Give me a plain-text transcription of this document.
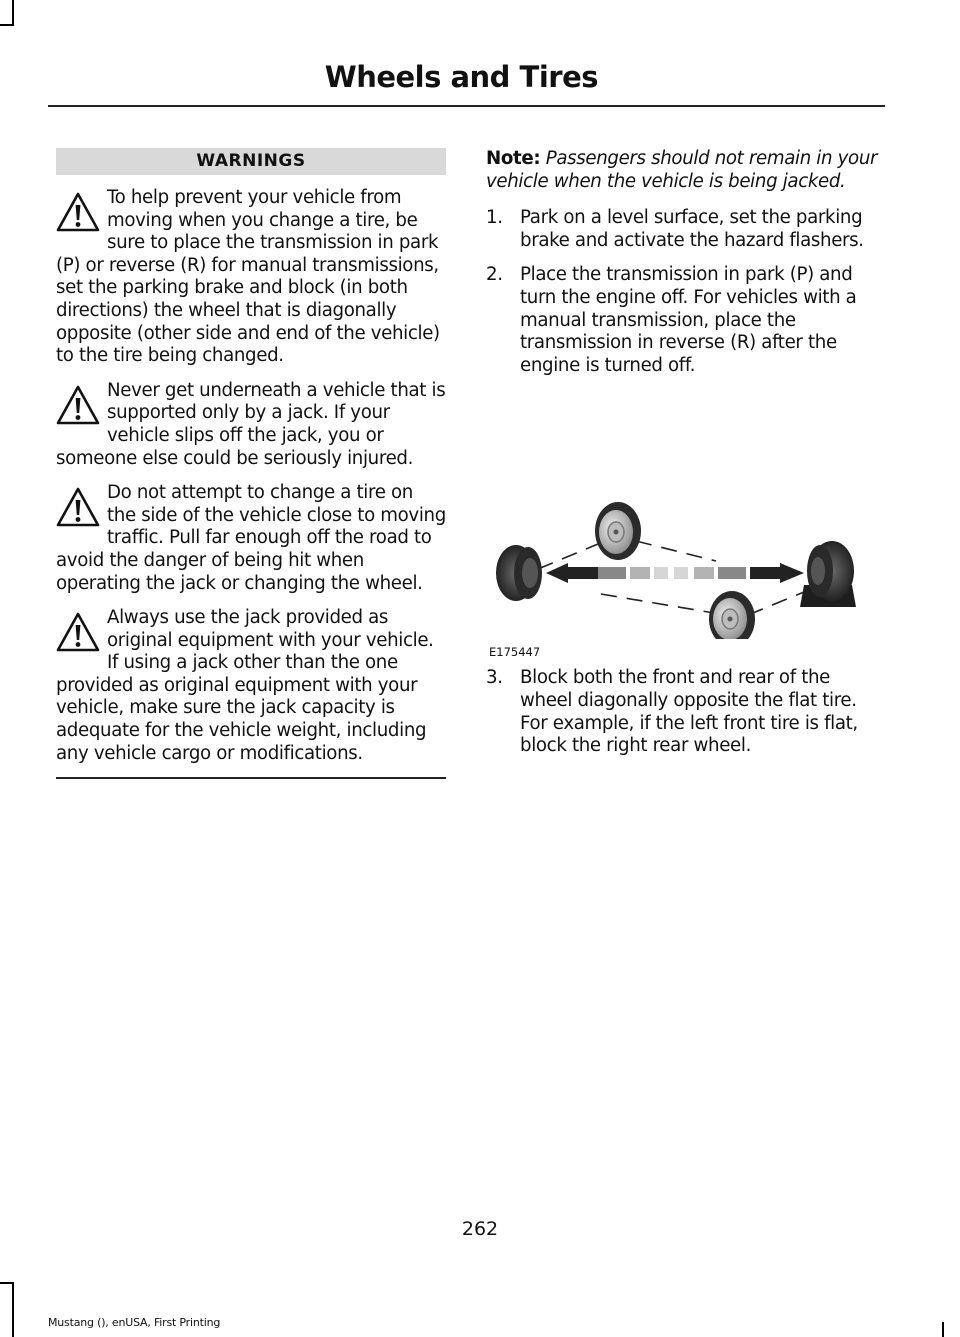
Wheels and Tires
WARNINGS
To help prevent your vehicle from moving when you change a tire, be sure to place the transmission in park (P) or reverse (R) for manual transmissions, set the parking brake and block (in both directions) the wheel that is diagonally opposite (other side and end of the vehicle) to the tire being changed.
Never get underneath a vehicle that is supported only by a jack. If your vehicle slips off the jack, you or someone else could be seriously injured.
Do not attempt to change a tire on the side of the vehicle close to moving traffic. Pull far enough off the road to avoid the danger of being hit when operating the jack or changing the wheel.
Always use the jack provided as original equipment with your vehicle. If using a jack other than the one provided as original equipment with your vehicle, make sure the jack capacity is adequate for the vehicle weight, including any vehicle cargo or modifications.

Note: Passengers should not remain in your vehicle when the vehicle is being jacked.

1. Park on a level surface, set the parking brake and activate the hazard flashers.
2. Place the transmission in park (P) and turn the engine off. For vehicles with a manual transmission, place the transmission in reverse (R) after the engine is turned off.
E175447
3. Block both the front and rear of the wheel diagonally opposite the flat tire. For example, if the left front tire is flat, block the right rear wheel.
262
Mustang (), enUSA, First Printing
